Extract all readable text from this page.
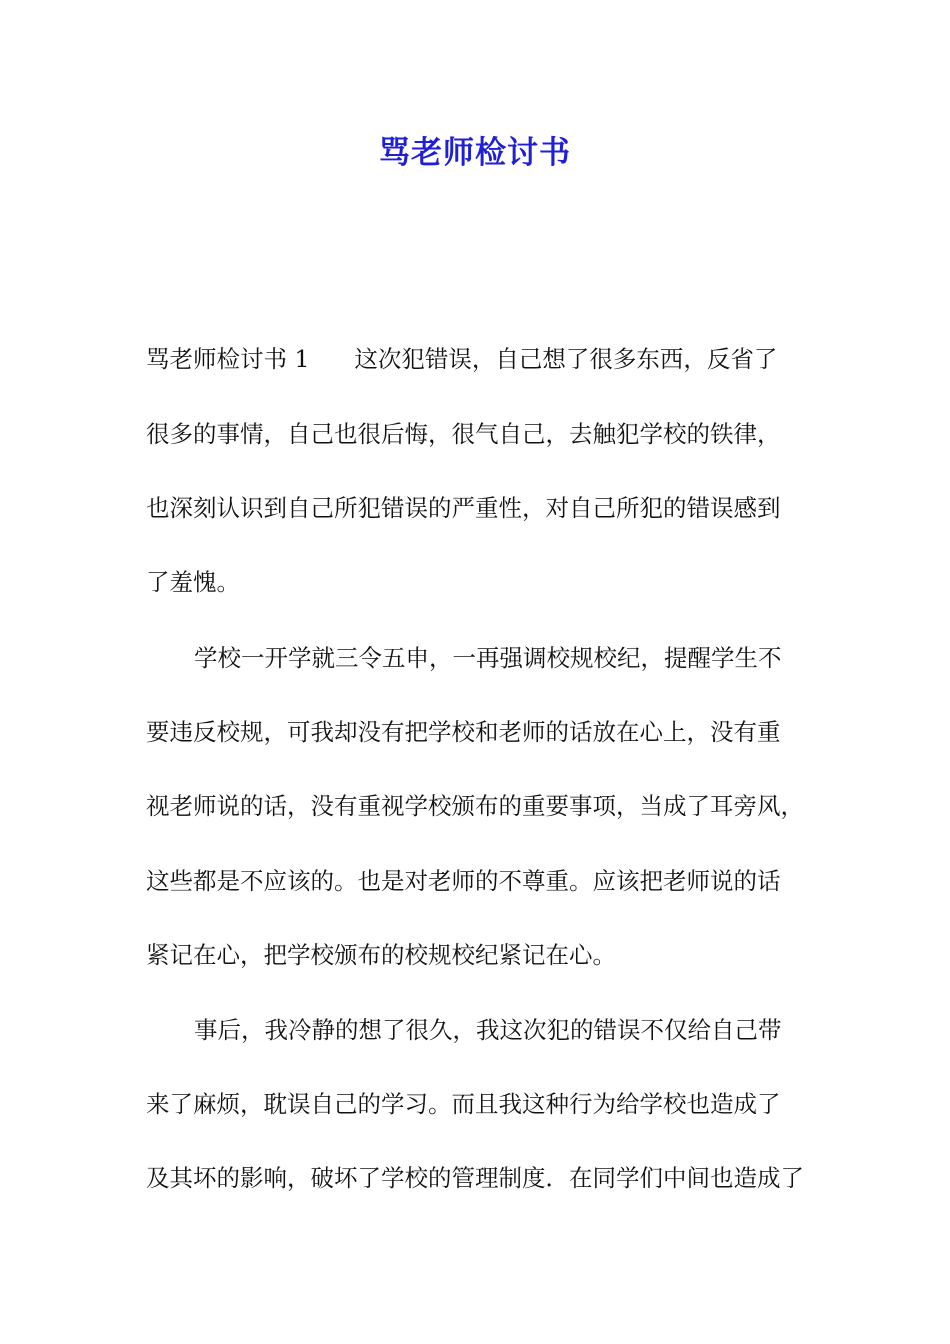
骂老师检讨书
骂老师检讨书 1 这次犯错误，自己想了很多东西，反省了
很多的事情，自己也很后悔，很气自己，去触犯学校的铁律，
也深刻认识到自己所犯错误的严重性，对自己所犯的错误感到
了羞愧。
学校一开学就三令五申，一再强调校规校纪，提醒学生不
要违反校规，可我却没有把学校和老师的话放在心上，没有重
视老师说的话，没有重视学校颁布的重要事项，当成了耳旁风，
这些都是不应该的。也是对老师的不尊重。应该把老师说的话
紧记在心，把学校颁布的校规校纪紧记在心。
事后，我冷静的想了很久，我这次犯的错误不仅给自己带
来了麻烦，耽误自己的学习。而且我这种行为给学校也造成了
及其坏的影响，破坏了学校的管理制度．在同学们中间也造成了
